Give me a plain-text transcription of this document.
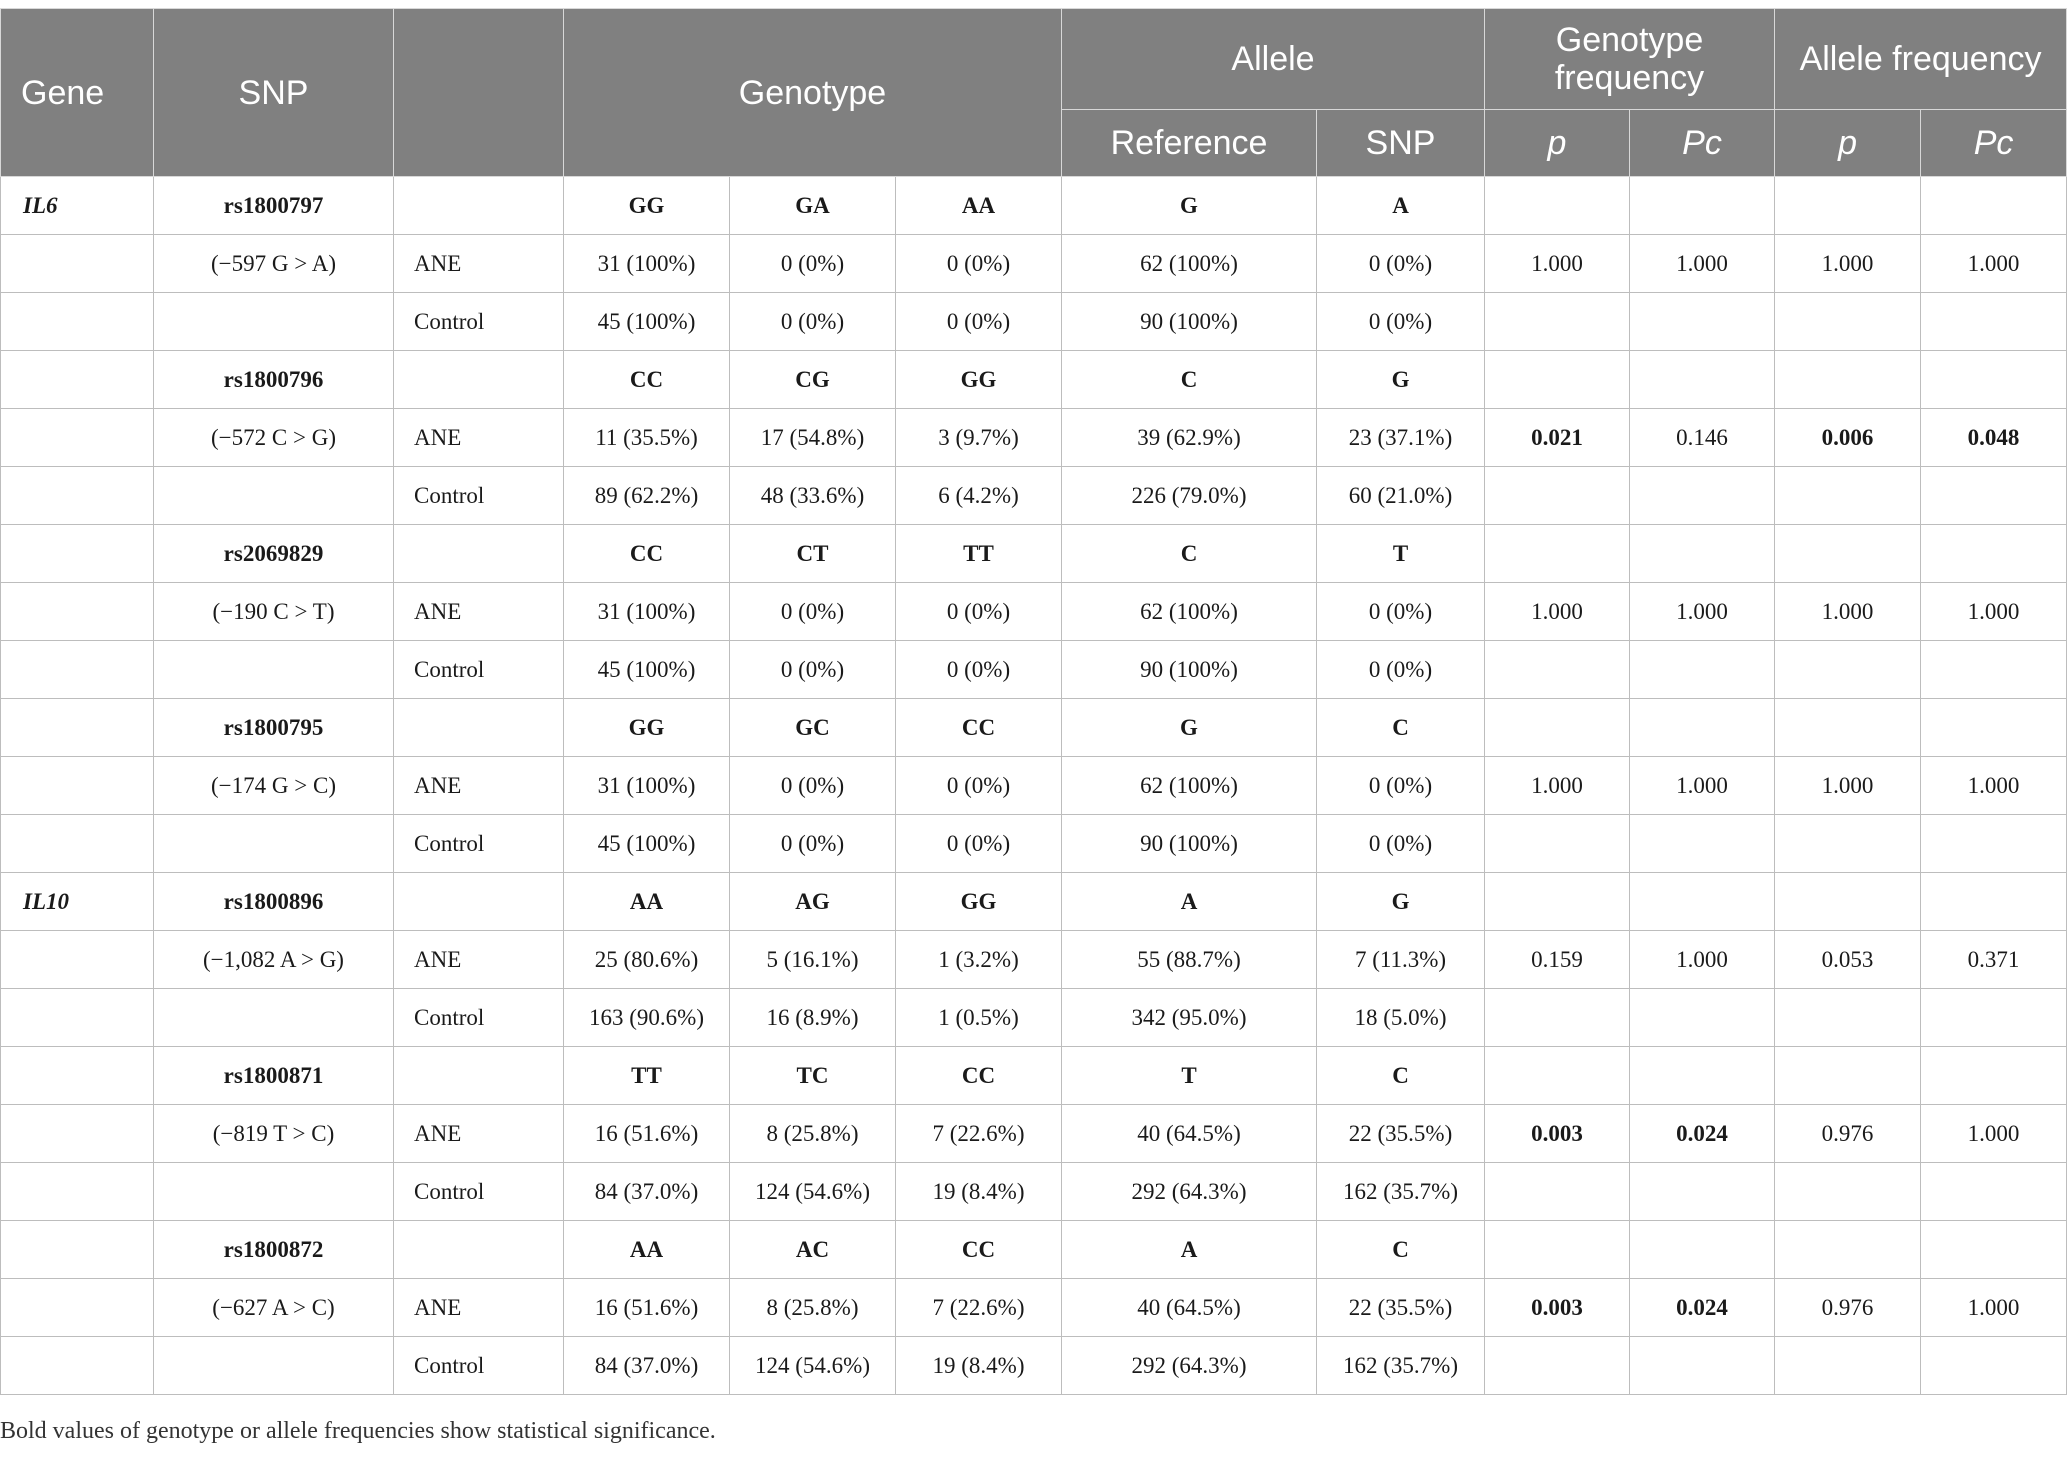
Gene	SNP		Genotype			Allele		Genotype frequency		Allele frequency	
						Reference	SNP	p	Pc	p	Pc
IL6	rs1800797		GG	GA	AA	G	A				
	(−597 G > A)	ANE	31 (100%)	0 (0%)	0 (0%)	62 (100%)	0 (0%)	1.000	1.000	1.000	1.000
		Control	45 (100%)	0 (0%)	0 (0%)	90 (100%)	0 (0%)				
	rs1800796		CC	CG	GG	C	G				
	(−572 C > G)	ANE	11 (35.5%)	17 (54.8%)	3 (9.7%)	39 (62.9%)	23 (37.1%)	0.021	0.146	0.006	0.048
		Control	89 (62.2%)	48 (33.6%)	6 (4.2%)	226 (79.0%)	60 (21.0%)				
	rs2069829		CC	CT	TT	C	T				
	(−190 C > T)	ANE	31 (100%)	0 (0%)	0 (0%)	62 (100%)	0 (0%)	1.000	1.000	1.000	1.000
		Control	45 (100%)	0 (0%)	0 (0%)	90 (100%)	0 (0%)				
	rs1800795		GG	GC	CC	G	C				
	(−174 G > C)	ANE	31 (100%)	0 (0%)	0 (0%)	62 (100%)	0 (0%)	1.000	1.000	1.000	1.000
		Control	45 (100%)	0 (0%)	0 (0%)	90 (100%)	0 (0%)				
IL10	rs1800896		AA	AG	GG	A	G				
	(−1,082 A > G)	ANE	25 (80.6%)	5 (16.1%)	1 (3.2%)	55 (88.7%)	7 (11.3%)	0.159	1.000	0.053	0.371
		Control	163 (90.6%)	16 (8.9%)	1 (0.5%)	342 (95.0%)	18 (5.0%)				
	rs1800871		TT	TC	CC	T	C				
	(−819 T > C)	ANE	16 (51.6%)	8 (25.8%)	7 (22.6%)	40 (64.5%)	22 (35.5%)	0.003	0.024	0.976	1.000
		Control	84 (37.0%)	124 (54.6%)	19 (8.4%)	292 (64.3%)	162 (35.7%)				
	rs1800872		AA	AC	CC	A	C				
	(−627 A > C)	ANE	16 (51.6%)	8 (25.8%)	7 (22.6%)	40 (64.5%)	22 (35.5%)	0.003	0.024	0.976	1.000
		Control	84 (37.0%)	124 (54.6%)	19 (8.4%)	292 (64.3%)	162 (35.7%)				
Bold values of genotype or allele frequencies show statistical significance.
